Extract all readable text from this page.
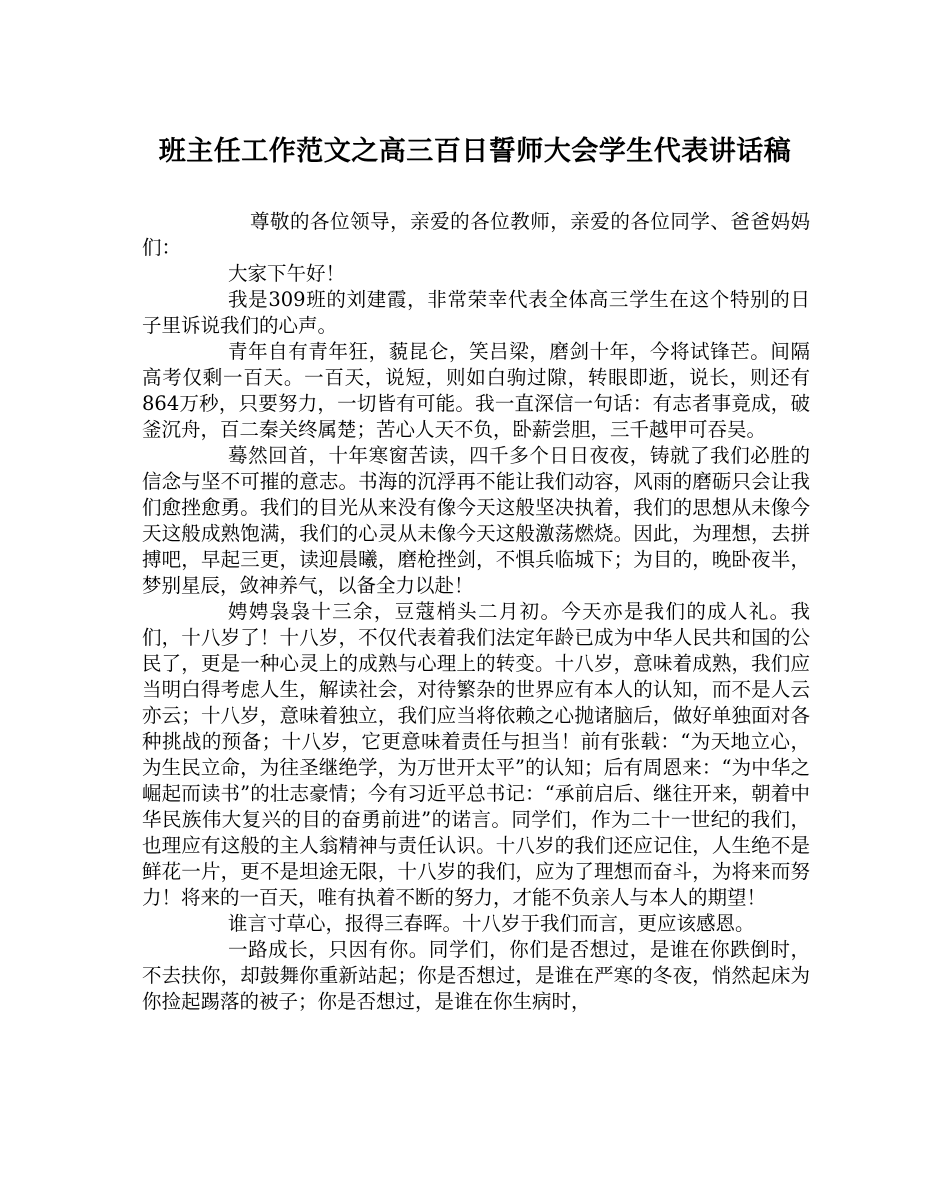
班主任工作范文之高三百日誓师大会学生代表讲话稿

尊敬的各位领导，亲爱的各位教师，亲爱的各位同学、爸爸妈妈们：

大家下午好！

我是309班的刘建霞，非常荣幸代表全体高三学生在这个特别的日子里诉说我们的心声。

青年自有青年狂，藐昆仑，笑吕梁，磨剑十年，今将试锋芒。间隔高考仅剩一百天。一百天，说短，则如白驹过隙，转眼即逝，说长，则还有864万秒，只要努力，一切皆有可能。我一直深信一句话：有志者事竟成，破釜沉舟，百二秦关终属楚；苦心人天不负，卧薪尝胆，三千越甲可吞吴。

蓦然回首，十年寒窗苦读，四千多个日日夜夜，铸就了我们必胜的信念与坚不可摧的意志。书海的沉浮再不能让我们动容，风雨的磨砺只会让我们愈挫愈勇。我们的目光从来没有像今天这般坚决执着，我们的思想从未像今天这般成熟饱满，我们的心灵从未像今天这般激荡燃烧。因此，为理想，去拼搏吧，早起三更，读迎晨曦，磨枪挫剑，不惧兵临城下；为目的，晚卧夜半，梦别星辰，敛神养气，以备全力以赴！

娉娉袅袅十三余，豆蔻梢头二月初。今天亦是我们的成人礼。我们，十八岁了！十八岁，不仅代表着我们法定年龄已成为中华人民共和国的公民了，更是一种心灵上的成熟与心理上的转变。十八岁，意味着成熟，我们应当明白得考虑人生，解读社会，对待繁杂的世界应有本人的认知，而不是人云亦云；十八岁，意味着独立，我们应当将依赖之心抛诸脑后，做好单独面对各种挑战的预备；十八岁，它更意味着责任与担当！前有张载：“为天地立心，为生民立命，为往圣继绝学，为万世开太平”的认知；后有周恩来：“为中华之崛起而读书”的壮志豪情；今有习近平总书记：“承前启后、继往开来，朝着中华民族伟大复兴的目的奋勇前进”的诺言。同学们，作为二十一世纪的我们，也理应有这般的主人翁精神与责任认识。十八岁的我们还应记住，人生绝不是鲜花一片，更不是坦途无限，十八岁的我们，应为了理想而奋斗，为将来而努力！将来的一百天，唯有执着不断的努力，才能不负亲人与本人的期望！

谁言寸草心，报得三春晖。十八岁于我们而言，更应该感恩。

一路成长，只因有你。同学们，你们是否想过，是谁在你跌倒时，不去扶你，却鼓舞你重新站起；你是否想过，是谁在严寒的冬夜，悄然起床为你捡起踢落的被子；你是否想过，是谁在你生病时，
